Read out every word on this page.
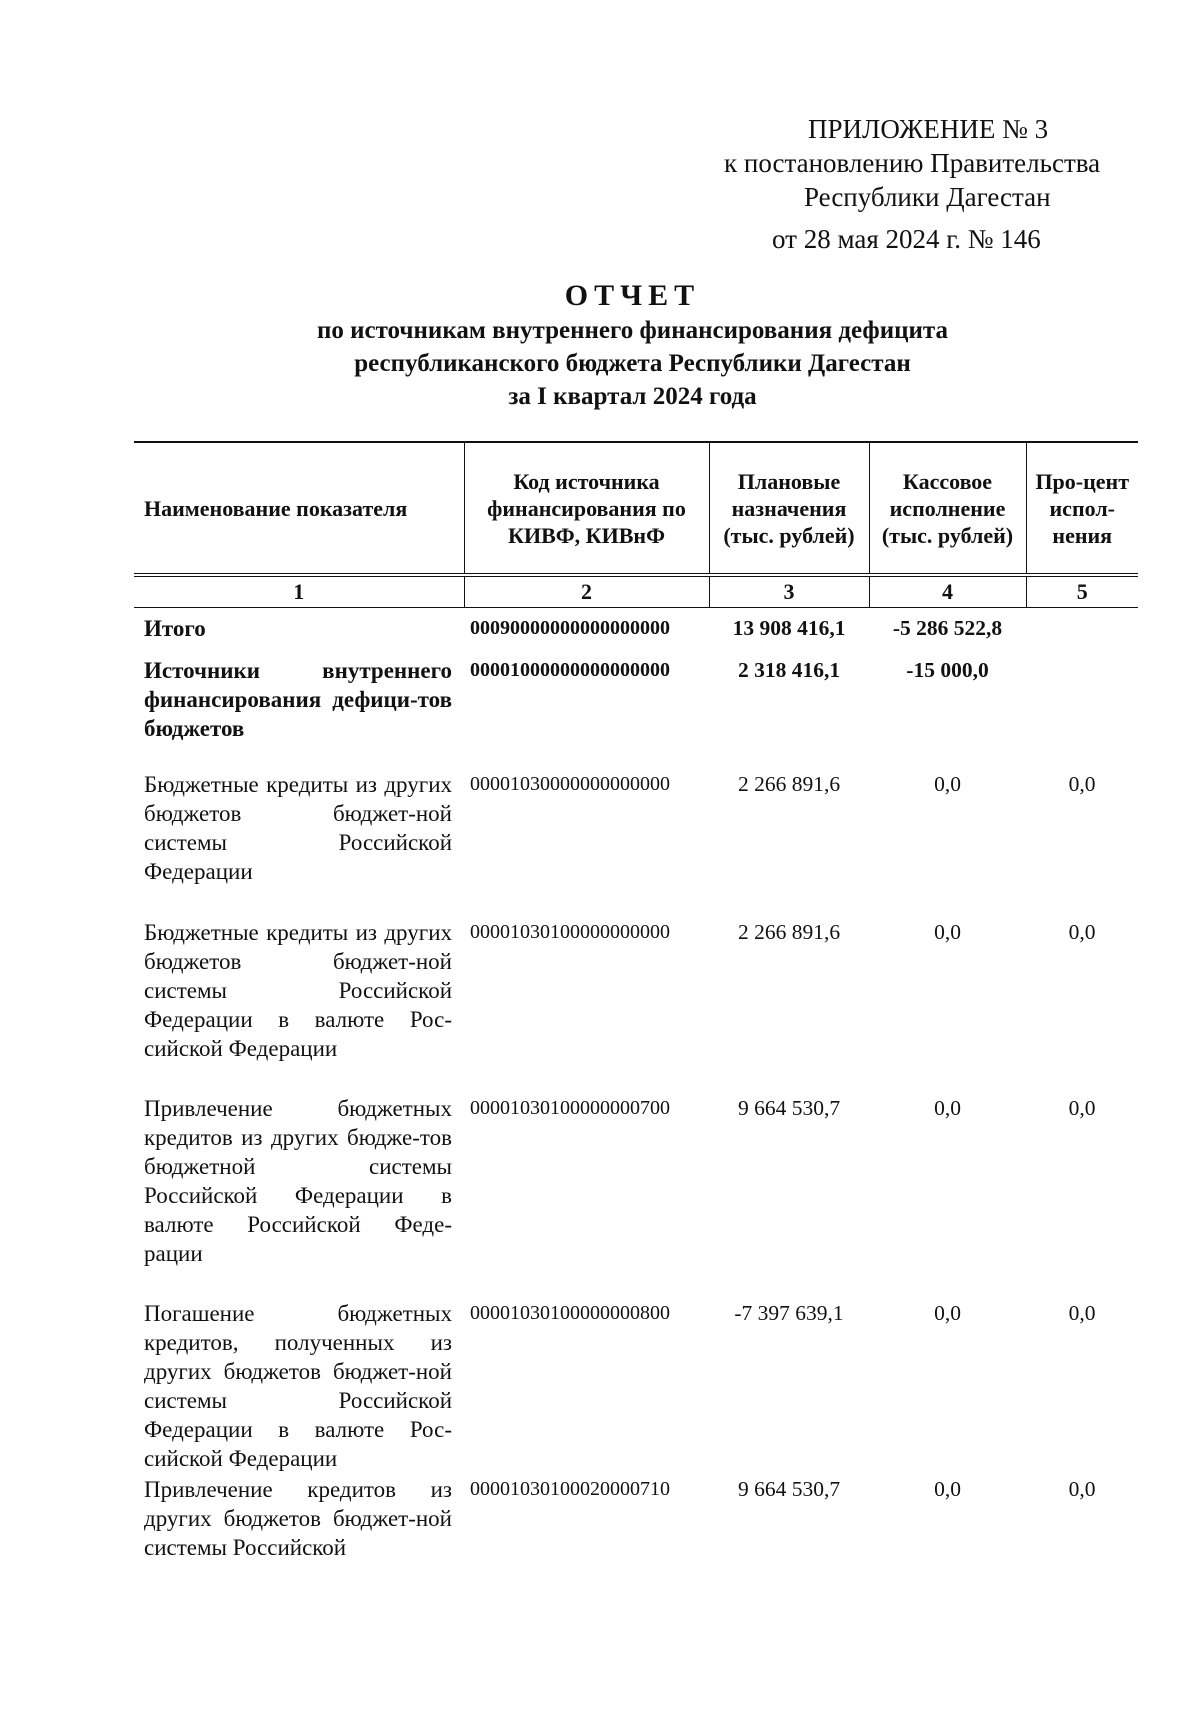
ПРИЛОЖЕНИЕ № 3
к постановлению Правительства
Республики Дагестан
от 28 мая 2024 г. № 146
ОТЧЕТ
по источникам внутреннего финансирования дефицита
республиканского бюджета Республики Дагестан
за I квартал 2024 года
Наименование показателя	Код источника финансирования по КИВФ, КИВнФ	Плановые назначения (тыс. рублей)	Кассовое исполнение (тыс. рублей)	Про-цент испол-нения
1	2	3	4	5
Итого	00090000000000000000	13 908 416,1	-5 286 522,8	
Источники внутреннего финансирования дефици-тов бюджетов	00001000000000000000	2 318 416,1	-15 000,0	
Бюджетные кредиты из других бюджетов бюджет-ной системы Российской Федерации	00001030000000000000	2 266 891,6	0,0	0,0
Бюджетные кредиты из других бюджетов бюджет-ной системы Российской Федерации в валюте Рос-сийской Федерации	00001030100000000000	2 266 891,6	0,0	0,0
Привлечение бюджетных кредитов из других бюдже-тов бюджетной системы Российской Федерации в валюте Российской Феде-рации	00001030100000000700	9 664 530,7	0,0	0,0
Погашение бюджетных кредитов, полученных из других бюджетов бюджет-ной системы Российской Федерации в валюте Рос-сийской Федерации	00001030100000000800	-7 397 639,1	0,0	0,0
Привлечение кредитов из других бюджетов бюджет-ной системы Российской	00001030100020000710	9 664 530,7	0,0	0,0
